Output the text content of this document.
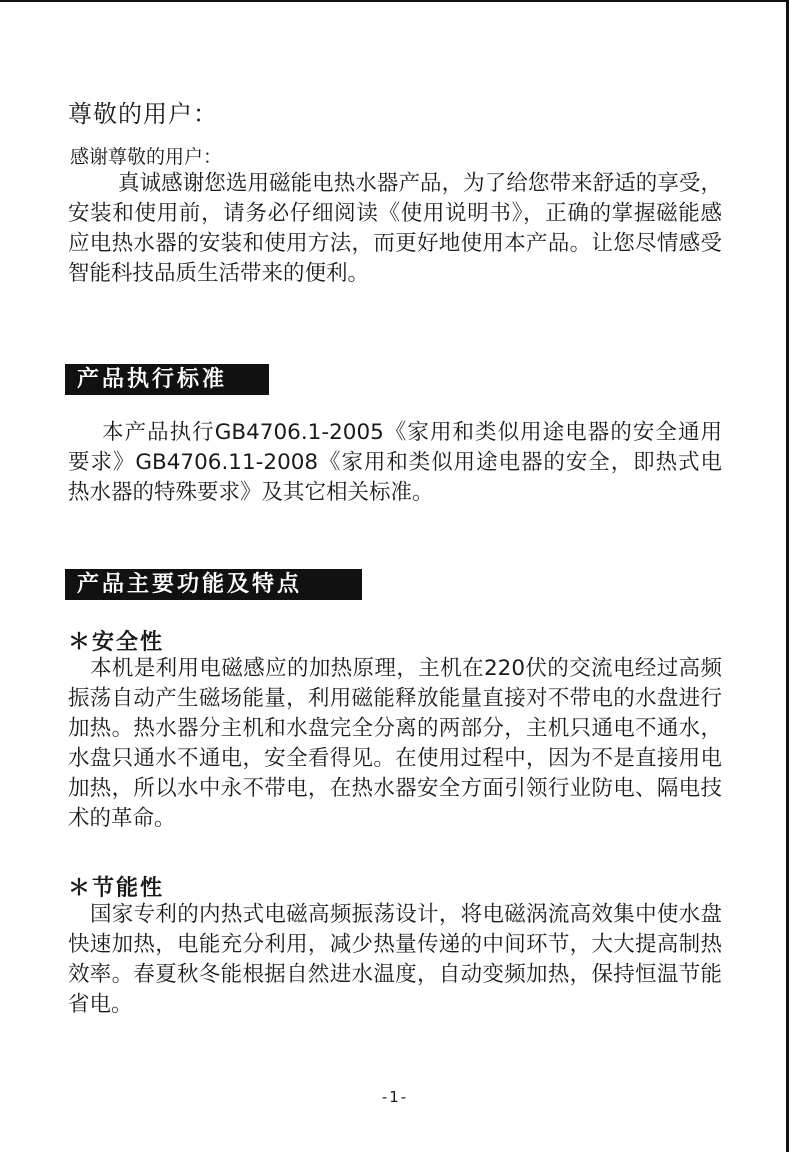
尊敬的用户：
感谢尊敬的用户：

真诚感谢您选用磁能电热水器产品，为了给您带来舒适的享受，安装和使用前，请务必仔细阅读《使用说明书》，正确的掌握磁能感应电热水器的安装和使用方法，而更好地使用本产品。让您尽情感受智能科技品质生活带来的便利。

产品执行标准

本产品执行GB4706.1-2005《家用和类似用途电器的安全通用要求》GB4706.11-2008《家用和类似用途电器的安全，即热式电热水器的特殊要求》及其它相关标准。

产品主要功能及特点
＊安全性

本机是利用电磁感应的加热原理，主机在220伏的交流电经过高频振荡自动产生磁场能量，利用磁能释放能量直接对不带电的水盘进行加热。热水器分主机和水盘完全分离的两部分，主机只通电不通水，水盘只通水不通电，安全看得见。在使用过程中，因为不是直接用电加热，所以水中永不带电，在热水器安全方面引领行业防电、隔电技术的革命。

＊节能性

国家专利的内热式电磁高频振荡设计，将电磁涡流高效集中使水盘快速加热，电能充分利用，减少热量传递的中间环节，大大提高制热效率。春夏秋冬能根据自然进水温度，自动变频加热，保持恒温节能省电。

-1-
